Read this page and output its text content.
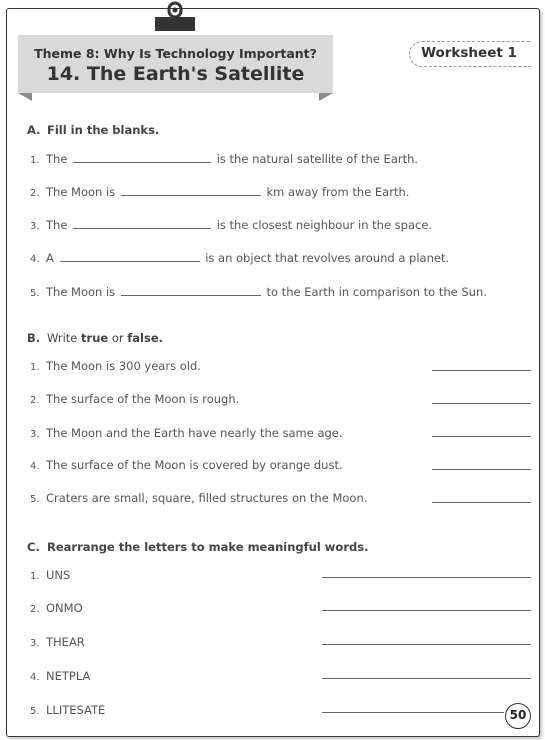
Theme 8: Why Is Technology Important?
14. The Earth's Satellite
Worksheet 1
A. Fill in the blanks.
1. The	is the natural satellite of the Earth.
2. The Moon is	km away from the Earth.
3. The	is the closest neighbour in the space.
4. A	is an object that revolves around a planet.
5. The Moon is	to the Earth in comparison to the Sun.
B. Write true or false.
1. The Moon is 300 years old.
2. The surface of the Moon is rough.
3. The Moon and the Earth have nearly the same age.
4. The surface of the Moon is covered by orange dust.
5. Craters are small, square, filled structures on the Moon.
C. Rearrange the letters to make meaningful words.
1. UNS
2. ONMO
3. THEAR
4. NETPLA
5. LLITESATE	50
